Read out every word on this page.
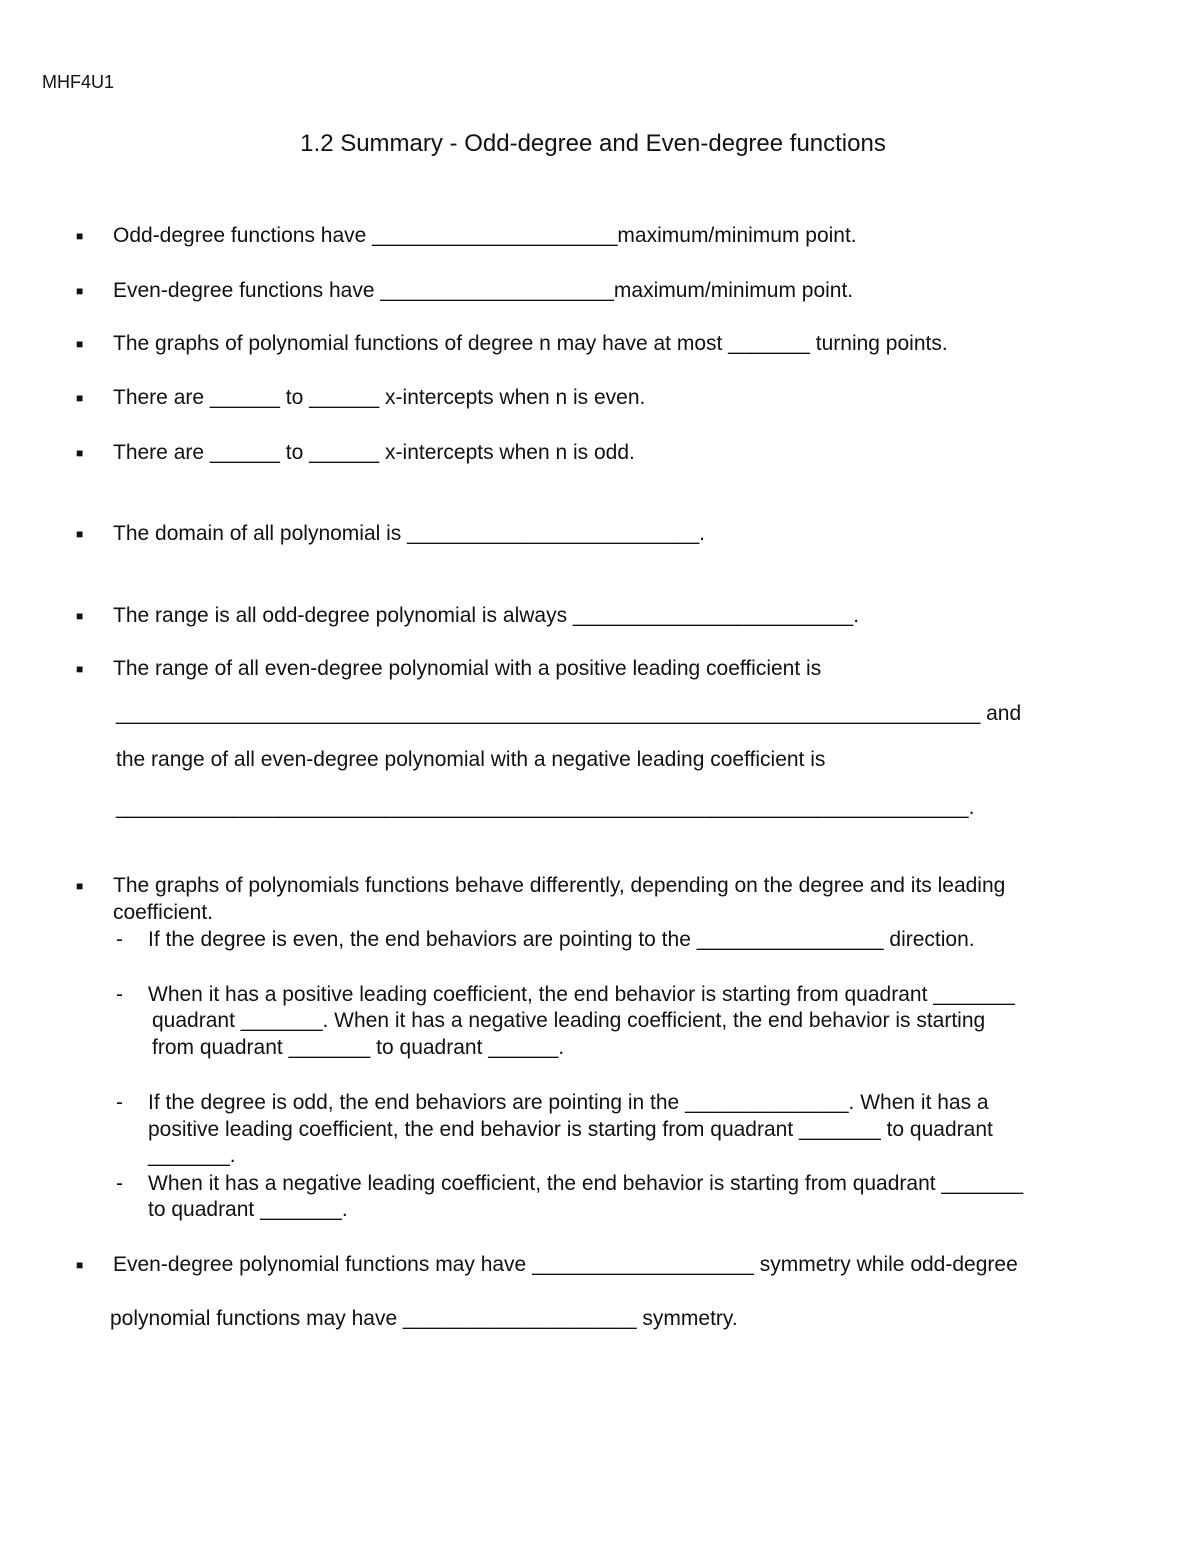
MHF4U1
1.2 Summary - Odd-degree and Even-degree functions
■ Odd-degree functions have _____________________maximum/minimum point.
■ Even-degree functions have ____________________maximum/minimum point.
■ The graphs of polynomial functions of degree n may have at most _______ turning points.
■ There are ______ to ______ x-intercepts when n is even.
■ There are ______ to ______ x-intercepts when n is odd.
■ The domain of all polynomial is _________________________.
■ The range is all odd-degree polynomial is always ________________________.
■ The range of all even-degree polynomial with a positive leading coefficient is
__________________________________________________________________________ and
the range of all even-degree polynomial with a negative leading coefficient is
_________________________________________________________________________.
■ The graphs of polynomials functions behave differently, depending on the degree and its leading
coefficient.
- If the degree is even, the end behaviors are pointing to the ________________ direction.
- When it has a positive leading coefficient, the end behavior is starting from quadrant _______
quadrant _______. When it has a negative leading coefficient, the end behavior is starting
from quadrant _______ to quadrant ______.
- If the degree is odd, the end behaviors are pointing in the ______________. When it has a
positive leading coefficient, the end behavior is starting from quadrant _______ to quadrant
_______.
- When it has a negative leading coefficient, the end behavior is starting from quadrant _______
to quadrant _______.
■ Even-degree polynomial functions may have ___________________ symmetry while odd-degree
polynomial functions may have ____________________ symmetry.
